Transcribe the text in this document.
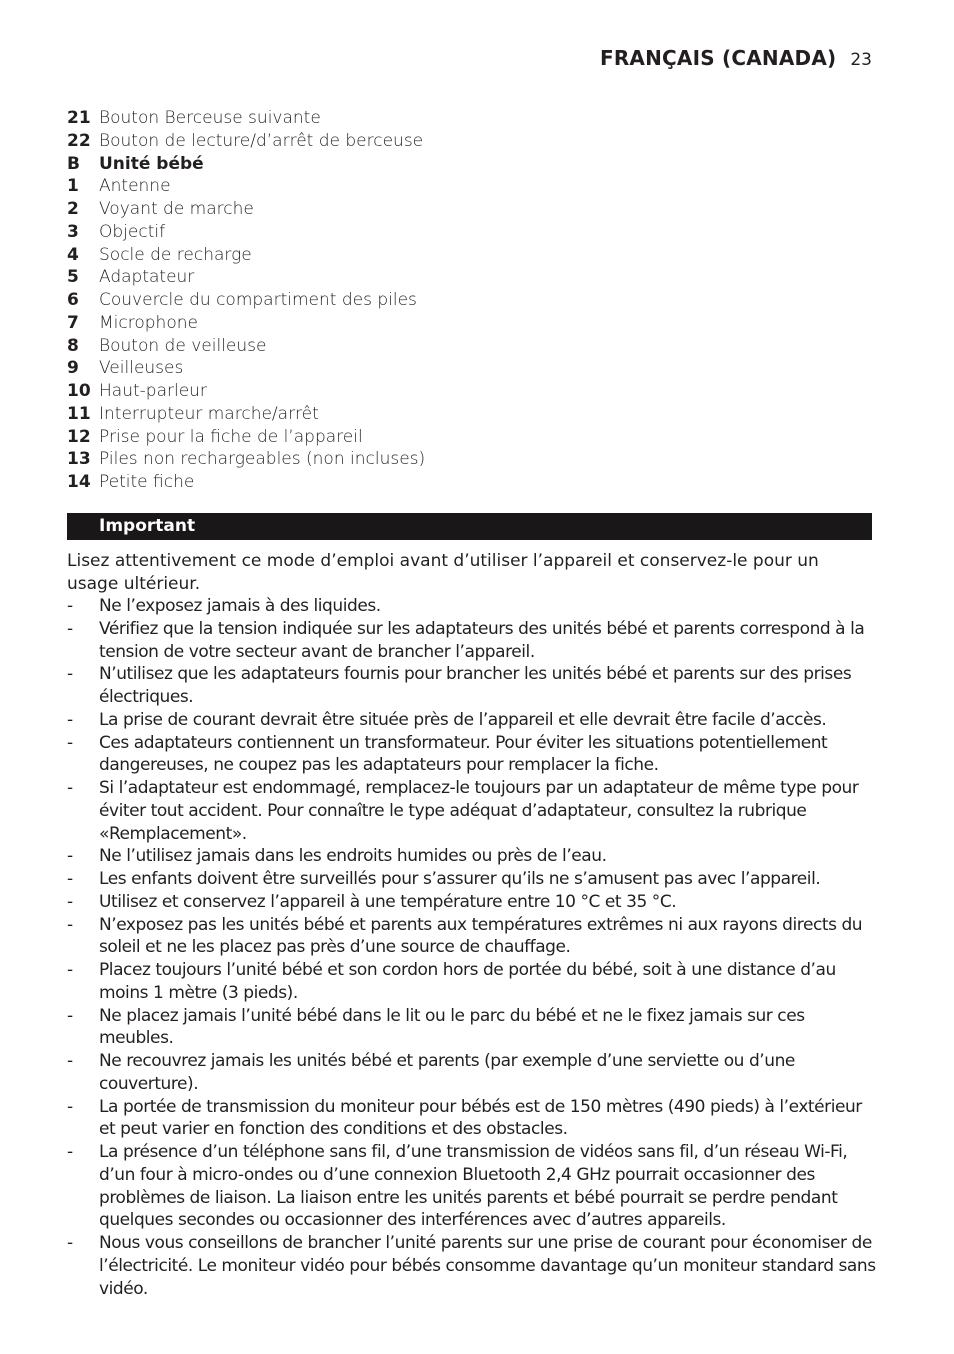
FRANÇAIS (CANADA) 23
21 Bouton Berceuse suivante
22 Bouton de lecture/d’arrêt de berceuse
B	Unité bébé
1	Antenne
2	Voyant de marche
3	Objectif
4	Socle de recharge
5	Adaptateur
6	Couvercle du compartiment des piles
7	Microphone
8	Bouton de veilleuse
9	Veilleuses
10 Haut-parleur
11 Interrupteur marche/arrêt
12 Prise pour la fiche de l’appareil
13 Piles non rechargeables (non incluses)
14 Petite fiche
Important

Lisez attentivement ce mode d’emploi avant d’utiliser l’appareil et conservez-le pour un usage ultérieur.

-	Ne l’exposez jamais à des liquides.
-	Vérifiez que la tension indiquée sur les adaptateurs des unités bébé et parents correspond à la tension de votre secteur avant de brancher l’appareil.
-	N’utilisez que les adaptateurs fournis pour brancher les unités bébé et parents sur des prises électriques.
-	La prise de courant devrait être située près de l’appareil et elle devrait être facile d’accès.
-	Ces adaptateurs contiennent un transformateur. Pour éviter les situations potentiellement dangereuses, ne coupez pas les adaptateurs pour remplacer la fiche.
-	Si l’adaptateur est endommagé, remplacez-le toujours par un adaptateur de même type pour éviter tout accident. Pour connaître le type adéquat d’adaptateur, consultez la rubrique «Remplacement».
-	Ne l’utilisez jamais dans les endroits humides ou près de l’eau.
-	Les enfants doivent être surveillés pour s’assurer qu’ils ne s’amusent pas avec l’appareil.
-	Utilisez et conservez l’appareil à une température entre 10 °C et 35 °C.
-	N’exposez pas les unités bébé et parents aux températures extrêmes ni aux rayons directs du soleil et ne les placez pas près d’une source de chauffage.
-	Placez toujours l’unité bébé et son cordon hors de portée du bébé, soit à une distance d’au moins 1 mètre (3 pieds).
-	Ne placez jamais l’unité bébé dans le lit ou le parc du bébé et ne le fixez jamais sur ces meubles.
-	Ne recouvrez jamais les unités bébé et parents (par exemple d’une serviette ou d’une couverture).
-	La portée de transmission du moniteur pour bébés est de 150 mètres (490 pieds) à l’extérieur et peut varier en fonction des conditions et des obstacles.
-	La présence d’un téléphone sans fil, d’une transmission de vidéos sans fil, d’un réseau Wi-Fi, d’un four à micro-ondes ou d’une connexion Bluetooth 2,4 GHz pourrait occasionner des problèmes de liaison. La liaison entre les unités parents et bébé pourrait se perdre pendant quelques secondes ou occasionner des interférences avec d’autres appareils.
-	Nous vous conseillons de brancher l’unité parents sur une prise de courant pour économiser de l’électricité. Le moniteur vidéo pour bébés consomme davantage qu’un moniteur standard sans vidéo.
